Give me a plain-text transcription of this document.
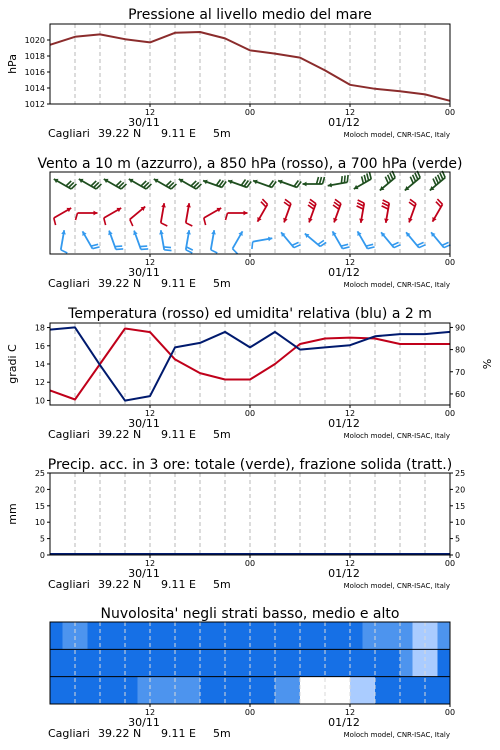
Pressione al livello medio del mare
hPa
1012
1014
1016
1018
1020
12	00	12	00
30/11	01/12
Cagliari 39.22 N 9.11 E 5m	Moloch model, CNR-ISAC, Italy
Vento a 10 m (azzurro), a 850 hPa (rosso), a 700 hPa (verde)
12	00	12	00
30/11	01/12
Cagliari 39.22 N 9.11 E 5m	Moloch model, CNR-ISAC, Italy
Temperatura (rosso) ed umidita' relativa (blu) a 2 m
gradi C	%
10
12
14
16
18
60
70
80
90
12	00	12	00
30/11	01/12
Cagliari 39.22 N 9.11 E 5m	Moloch model, CNR-ISAC, Italy
Precip. acc. in 3 ore: totale (verde), frazione solida (tratt.)
mm
0
5
10
15
20
25
0
5
10
15
20
25
12	00	12	00
30/11	01/12
Cagliari 39.22 N 9.11 E 5m	Moloch model, CNR-ISAC, Italy
Nuvolosita' negli strati basso, medio e alto
12	00	12	00
30/11	01/12
Cagliari 39.22 N 9.11 E 5m	Moloch model, CNR-ISAC, Italy
